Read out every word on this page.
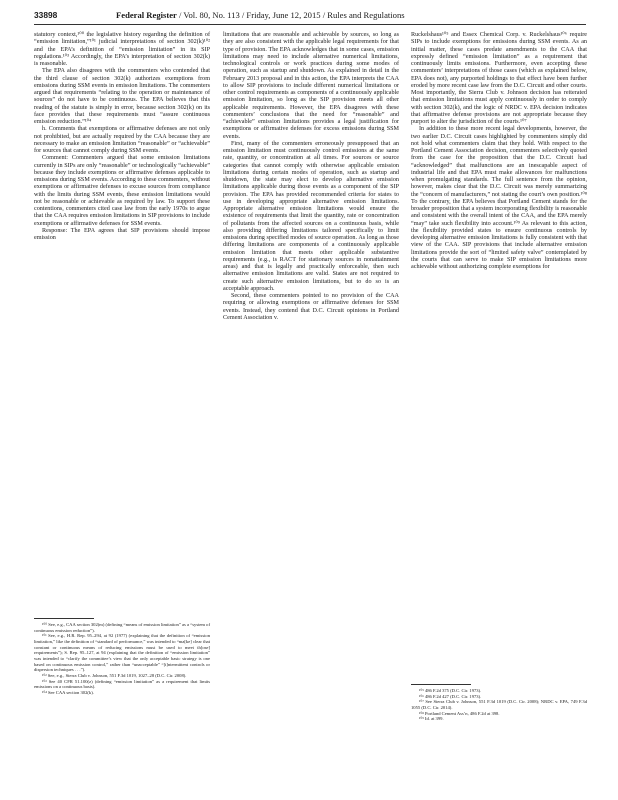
33898	Federal Register / Vol. 80, No. 113 / Friday, June 12, 2015 / Rules and Regulations

statutory context,¹⁰⁰ the legislative history regarding the definition of “emission limitation,”¹⁰¹ judicial interpretations of section 302(k)¹⁰² and the EPA’s definition of “emission limitation” in its SIP regulations.¹⁰³ Accordingly, the EPA’s interpretation of section 302(k) is reasonable.

The EPA also disagrees with the commenters who contended that the third clause of section 302(k) authorizes exemptions from emissions during SSM events in emission limitations. The commenters argued that requirements “relating to the operation or maintenance of sources” do not have to be continuous. The EPA believes that this reading of the statute is simply in error, because section 302(k) on its face provides that these requirements must “assure continuous emission reduction.”¹⁰⁴

h. Comments that exemptions or affirmative defenses are not only not prohibited, but are actually required by the CAA because they are necessary to make an emission limitation “reasonable” or “achievable” for sources that cannot comply during SSM events.

Comment: Commenters argued that some emission limitations currently in SIPs are only “reasonable” or technologically “achievable” because they include exemptions or affirmative defenses applicable to emissions during SSM events. According to these commenters, without exemptions or affirmative defenses to excuse sources from compliance with the limits during SSM events, these emission limitations would not be reasonable or achievable as required by law. To support these contentions, commenters cited case law from the early 1970s to argue that the CAA requires emission limitations in SIP provisions to include exemptions or affirmative defenses for SSM events.

Response: The EPA agrees that SIP provisions should impose emission

¹⁰⁰ See, e.g., CAA section 302(m) (defining “means of emission limitation” as a “system of continuous emission reduction”).

¹⁰¹ See, e.g., H.R. Rep. 95–294, at 92 (1977) (explaining that the definition of “emission limitation,” like the definition of “standard of performance,” was intended to “ma[ke] clear that constant or continuous means of reducing emissions must be used to meet th[ose] requirements”); S. Rep. 95–127, at 94 (explaining that the definition of “emission limitation” was intended to “clarify the committee’s view that the only acceptable basic strategy is one based on continuous emission control,” rather than “unacceptable” “[i]ntermittent controls or dispersion techniques . . .”).

¹⁰² See, e.g., Sierra Club v. Johnson, 551 F.3d 1019, 1027–28 (D.C. Cir. 2008).

¹⁰³ See 40 CFR 51.100(z) (defining “emission limitation” as a requirement that limits emissions on a continuous basis).

¹⁰⁴ See CAA section 302(k).

limitations that are reasonable and achievable by sources, so long as they are also consistent with the applicable legal requirements for that type of provision. The EPA acknowledges that in some cases, emission limitations may need to include alternative numerical limitations, technological controls or work practices during some modes of operation, such as startup and shutdown. As explained in detail in the February 2013 proposal and in this action, the EPA interprets the CAA to allow SIP provisions to include different numerical limitations or other control requirements as components of a continuously applicable emission limitation, so long as the SIP provision meets all other applicable requirements. However, the EPA disagrees with these commenters’ conclusions that the need for “reasonable” and “achievable” emission limitations provides a legal justification for exemptions or affirmative defenses for excess emissions during SSM events.

First, many of the commenters erroneously presupposed that an emission limitation must continuously control emissions at the same rate, quantity, or concentration at all times. For sources or source categories that cannot comply with otherwise applicable emission limitations during certain modes of operation, such as startup and shutdown, the state may elect to develop alternative emission limitations applicable during those events as a component of the SIP provision. The EPA has provided recommended criteria for states to use in developing appropriate alternative emission limitations. Appropriate alternative emission limitations would ensure the existence of requirements that limit the quantity, rate or concentration of pollutants from the affected sources on a continuous basis, while also providing differing limitations tailored specifically to limit emissions during specified modes of source operation. As long as those differing limitations are components of a continuously applicable emission limitation that meets other applicable substantive requirements (e.g., is RACT for stationary sources in nonattainment areas) and that is legally and practically enforceable, then such alternative emission limitations are valid. States are not required to create such alternative emission limitations, but to do so is an acceptable approach.

Second, these commenters pointed to no provision of the CAA requiring or allowing exemptions or affirmative defenses for SSM events. Instead, they contend that D.C. Circuit opinions in Portland Cement Association v.

Ruckelshaus¹⁰⁵ and Essex Chemical Corp. v. Ruckelshaus¹⁰⁶ require SIPs to include exemptions for emissions during SSM events. As an initial matter, these cases predate amendments to the CAA that expressly defined “emission limitation” as a requirement that continuously limits emissions. Furthermore, even accepting these commenters’ interpretations of those cases (which as explained below, EPA does not), any purported holdings to that effect have been further eroded by more recent case law from the D.C. Circuit and other courts. Most importantly, the Sierra Club v. Johnson decision has reiterated that emission limitations must apply continuously in order to comply with section 302(k), and the logic of NRDC v. EPA decision indicates that affirmative defense provisions are not appropriate because they purport to alter the jurisdiction of the courts.¹⁰⁷

In addition to these more recent legal developments, however, the two earlier D.C. Circuit cases highlighted by commenters simply did not hold what commenters claim that they hold. With respect to the Portland Cement Association decision, commenters selectively quoted from the case for the proposition that the D.C. Circuit had “acknowledged” that malfunctions are an inescapable aspect of industrial life and that EPA must make allowances for malfunctions when promulgating standards. The full sentence from the opinion, however, makes clear that the D.C. Circuit was merely summarizing the “concern of manufacturers,” not stating the court’s own position.¹⁰⁸ To the contrary, the EPA believes that Portland Cement stands for the broader proposition that a system incorporating flexibility is reasonable and consistent with the overall intent of the CAA, and the EPA merely “may” take such flexibility into account.¹⁰⁹ As relevant to this action, the flexibility provided states to ensure continuous controls by developing alternative emission limitations is fully consistent with that view of the CAA. SIP provisions that include alternative emission limitations provide the sort of “limited safety valve” contemplated by the courts that can serve to make SIP emission limitations more achievable without authorizing complete exemptions for

¹⁰⁵ 486 F.2d 375 (D.C. Cir. 1973).

¹⁰⁶ 486 F.2d 427 (D.C. Cir. 1973).

¹⁰⁷ See Sierra Club v. Johnson, 551 F.3d 1019 (D.C. Cir. 2008); NRDC v. EPA, 749 F.3d 1055 (D.C. Cir. 2014).

¹⁰⁸ Portland Cement Ass’n, 486 F.2d at 398.

¹⁰⁹ Id. at 399.
